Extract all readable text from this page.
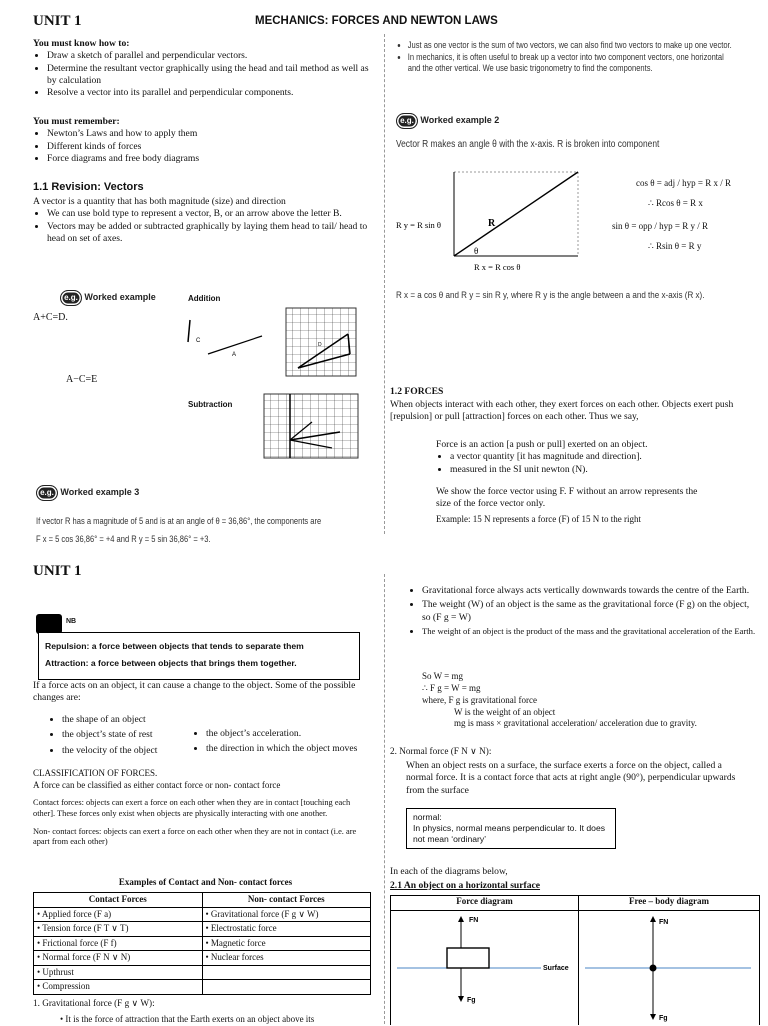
UNIT 1	MECHANICS: FORCES AND NEWTON LAWS
You must know how to:
• Draw a sketch of parallel and perpendicular vectors.
• Determine the resultant vector graphically using the head and tail method as well as by calculation
• Resolve a vector into its parallel and perpendicular components.
You must remember:
• Newton’s Laws and how to apply them
• Different kinds of forces
• Force diagrams and free body diagrams
1.1 Revision: Vectors
A vector is a quantity that has both magnitude (size) and direction
• We can use bold type to represent a vector, B, or an arrow above the letter B.
• Vectors may be added or subtracted graphically by laying them head to tail/ head to head on set of axes.
e.g. Worked example
A+C=D.
Addition
A−C=E
Subtraction
C
A
D
e.g. Worked example 3
If vector R has a magnitude of 5 and is at an angle of θ = 36,86°, the components are
F x = 5 cos 36,86° = +4 and R y = 5 sin 36,86° = +3.
• Just as one vector is the sum of two vectors, we can also find two vectors to make up one vector.
• In mechanics, it is often useful to break up a vector into two component vectors, one horizontal and the other vertical. We use basic trigonometry to find the components.
e.g. Worked example 2
Vector R makes an angle θ with the x-axis. R is broken into component
R
θ
R y = R sin θ
R x = R cos θ
cos θ = adj / hyp = R x / R
∴ Rcos θ = R x
sin θ = opp / hyp = R y / R
∴ Rsin θ = R y
R x = a cos θ and R y = sin R y, where R y is the angle between a and the x-axis (R x).
1.2 FORCES
When objects interact with each other, they exert forces on each other. Objects exert push [repulsion] or pull [attraction] forces on each other. Thus we say,
Force is an action [a push or pull] exerted on an object.
• a vector quantity [it has magnitude and direction].
• measured in the SI unit newton (N).
We show the force vector using F. F without an arrow represents the size of the force vector only.
Example: 15 N represents a force (F) of 15 N to the right
UNIT 1
NB
Repulsion: a force between objects that tends to separate them
Attraction: a force between objects that brings them together.
If a force acts on an object, it can cause a change to the object. Some of the possible changes are:
• the shape of an object
• the object’s state of rest
• the velocity of the object
• the object’s acceleration.
• the direction in which the object moves
CLASSIFICATION OF FORCES.
A force can be classified as either contact force or non- contact force
Contact forces: objects can exert a force on each other when they are in contact [touching each other]. These forces only exist when objects are physically interacting with one another.
Non- contact forces: objects can exert a force on each other when they are not in contact (i.e. are apart from each other)
Examples of Contact and Non- contact forces
Contact Forces	Non- contact Forces
• Applied force (F a)	• Gravitational force (F g ∨ W)
• Tension force (F T ∨ T)	• Electrostatic force
• Frictional force (F f)	• Magnetic force
• Normal force (F N ∨ N)	• Nuclear forces
• Upthrust	
• Compression	
1. Gravitational force (F g ∨ W):
• It is the force of attraction that the Earth exerts on an object above its
• Gravitational force always acts vertically downwards towards the centre of the Earth.
• The weight (W) of an object is the same as the gravitational force (F g) on the object, so (F g = W)
• The weight of an object is the product of the mass and the gravitational acceleration of the Earth.
So W = mg
∴ F g = W = mg
where, F g is gravitational force
W is the weight of an object
mg is mass × gravitational acceleration/ acceleration due to gravity.
2. Normal force (F N ∨ N):
When an object rests on a surface, the surface exerts a force on the object, called a normal force. It is a contact force that acts at right angle (90°), perpendicular upwards from the surface
normal:
In physics, normal means perpendicular to. It does not mean ‘ordinary’
In each of the diagrams below,
2.1 An object on a horizontal surface
Force diagram	Free – body diagram
FN
Fg
Surface
FN
Fg
